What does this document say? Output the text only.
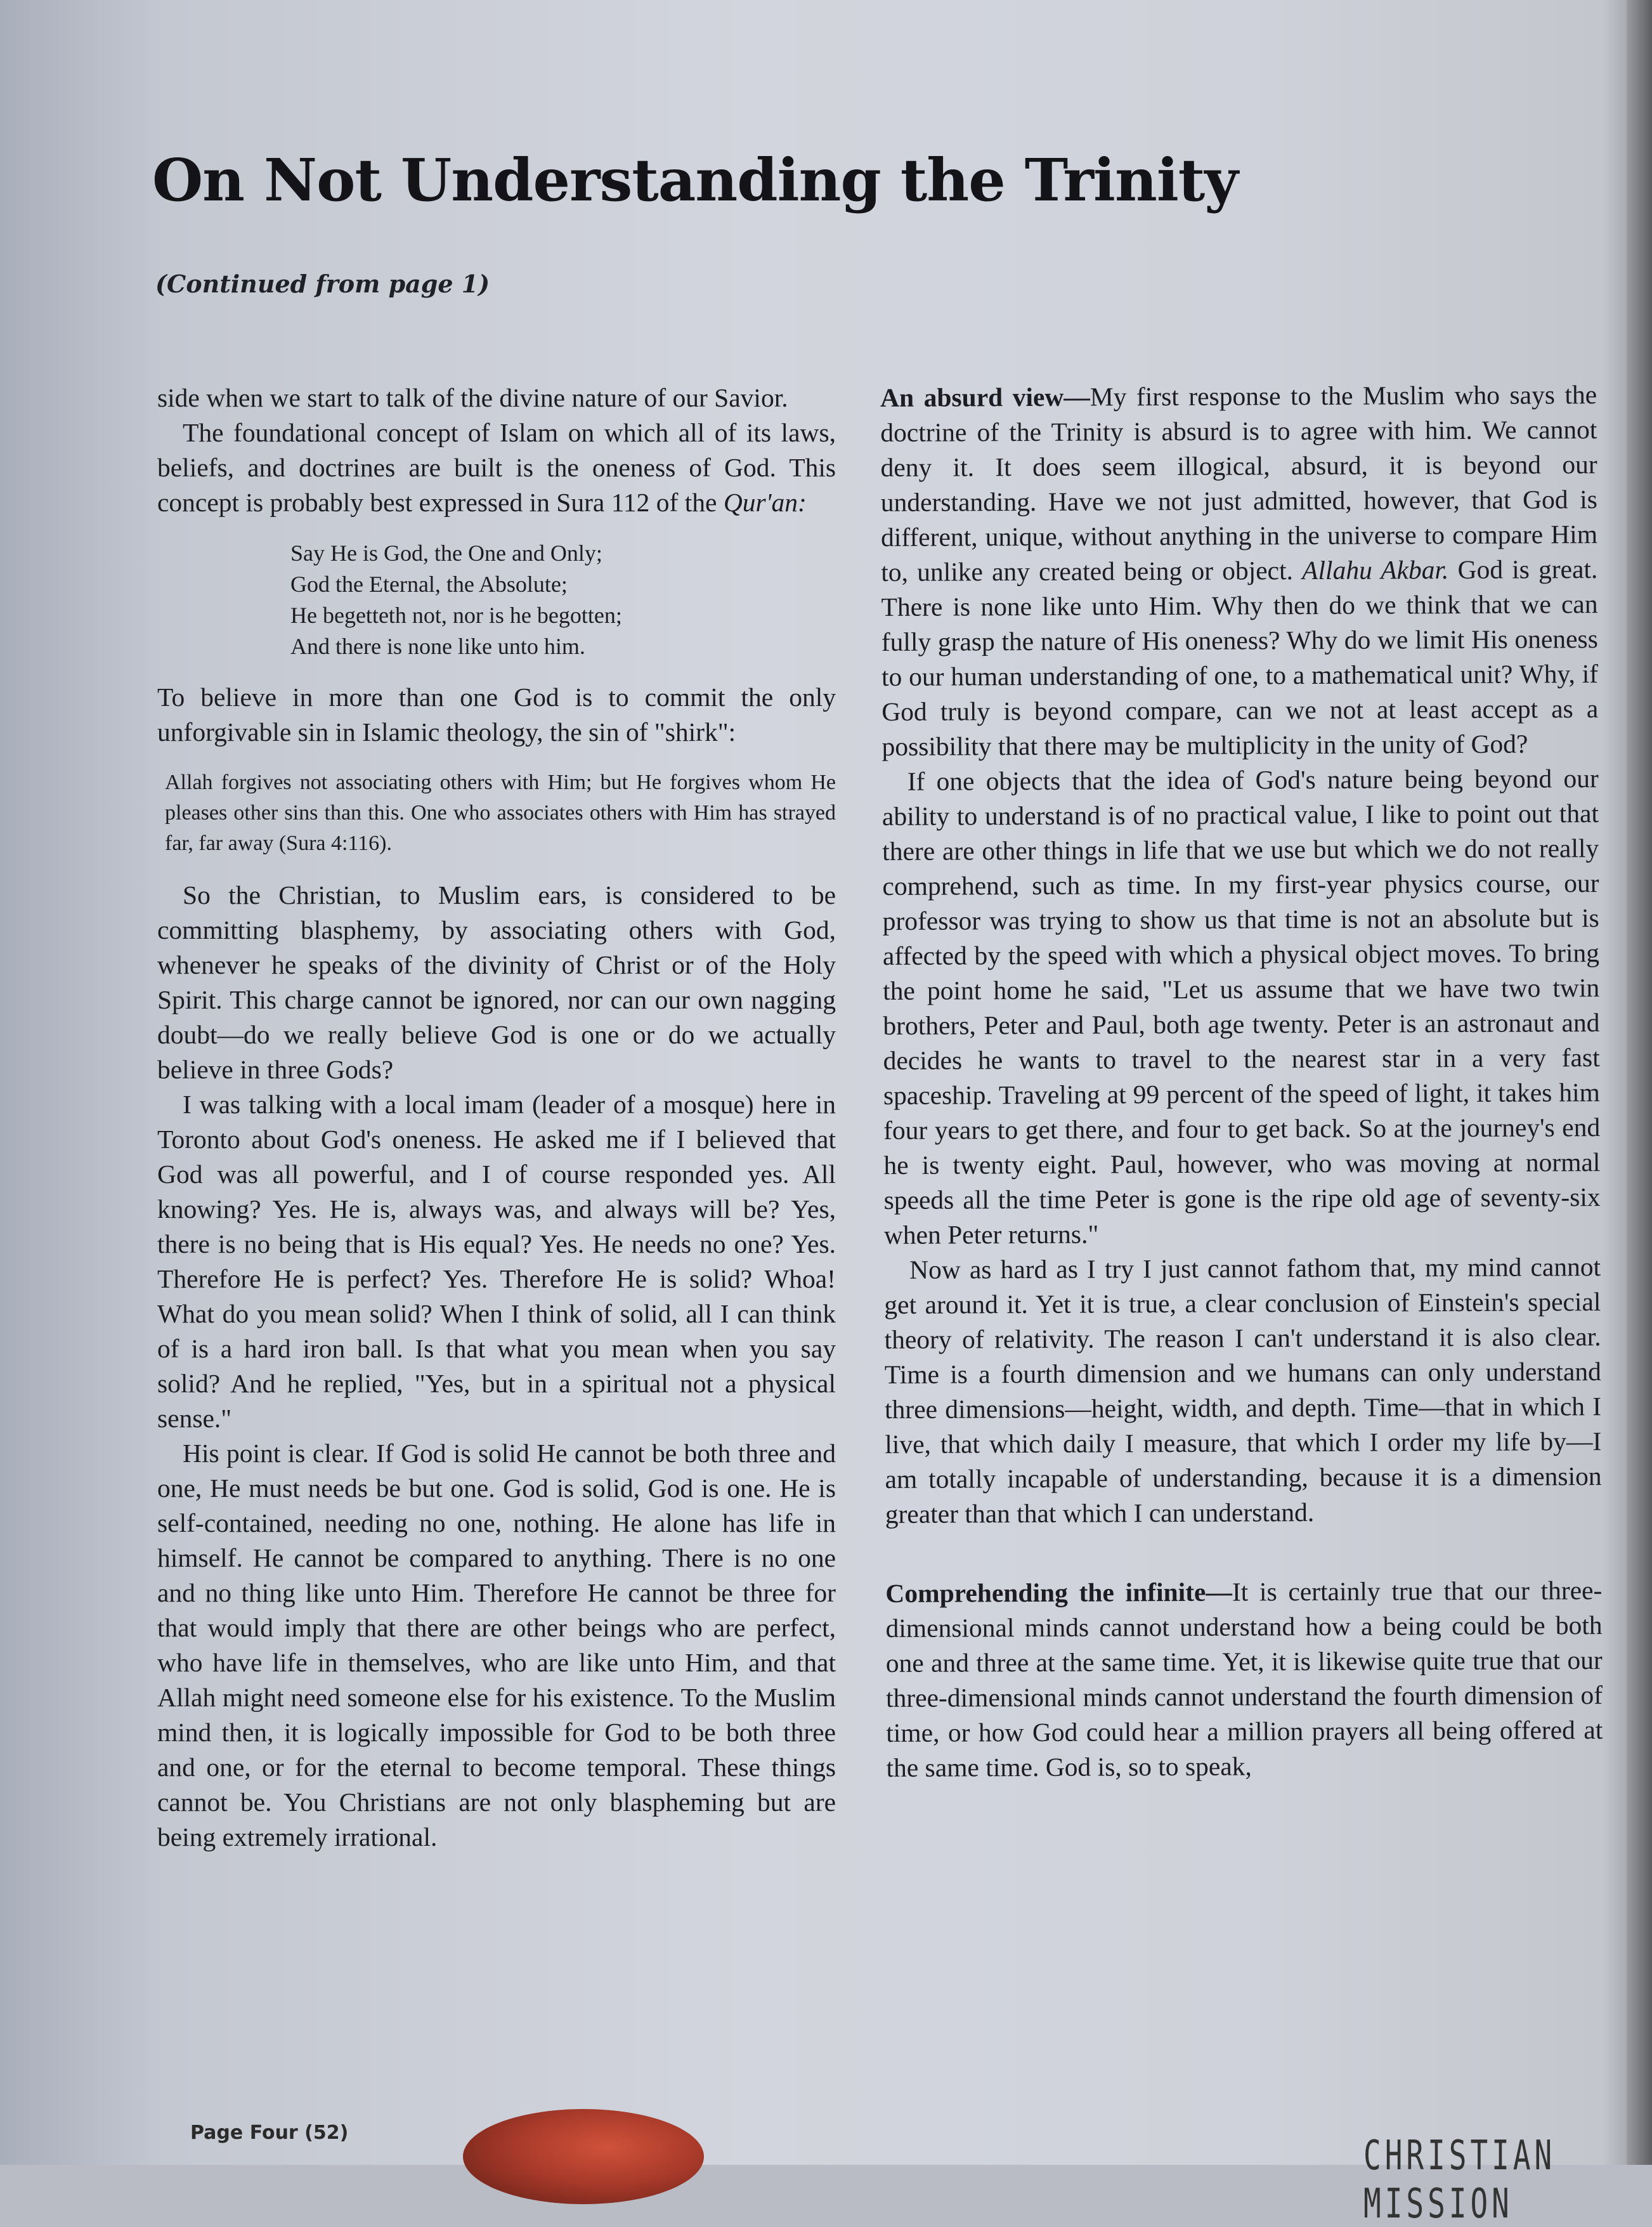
On Not Understanding the Trinity

(Continued from page 1)

side when we start to talk of the divine nature of our Savior.

The foundational concept of Islam on which all of its laws, beliefs, and doctrines are built is the oneness of God. This concept is probably best expressed in Sura 112 of the Qur'an:

Say He is God, the One and Only;
God the Eternal, the Absolute;
He begetteth not, nor is he begotten;
And there is none like unto him.

To believe in more than one God is to commit the only unforgivable sin in Islamic theology, the sin of "shirk":

Allah forgives not associating others with Him; but He forgives whom He pleases other sins than this. One who associates others with Him has strayed far, far away (Sura 4:116).

So the Christian, to Muslim ears, is considered to be committing blasphemy, by associating others with God, whenever he speaks of the divinity of Christ or of the Holy Spirit. This charge cannot be ignored, nor can our own nagging doubt—do we really believe God is one or do we actually believe in three Gods?

I was talking with a local imam (leader of a mosque) here in Toronto about God's oneness. He asked me if I believed that God was all powerful, and I of course responded yes. All knowing? Yes. He is, always was, and always will be? Yes, there is no being that is His equal? Yes. He needs no one? Yes. Therefore He is perfect? Yes. Therefore He is solid? Whoa! What do you mean solid? When I think of solid, all I can think of is a hard iron ball. Is that what you mean when you say solid? And he replied, "Yes, but in a spiritual not a physical sense."

His point is clear. If God is solid He cannot be both three and one, He must needs be but one. God is solid, God is one. He is self-contained, needing no one, nothing. He alone has life in himself. He cannot be compared to anything. There is no one and no thing like unto Him. Therefore He cannot be three for that would imply that there are other beings who are perfect, who have life in themselves, who are like unto Him, and that Allah might need someone else for his existence. To the Muslim mind then, it is logically impossible for God to be both three and one, or for the eternal to become temporal. These things cannot be. You Christians are not only blaspheming but are being extremely irrational.

An absurd view—My first response to the Muslim who says the doctrine of the Trinity is absurd is to agree with him. We cannot deny it. It does seem illogical, absurd, it is beyond our understanding. Have we not just admitted, however, that God is different, unique, without anything in the universe to compare Him to, unlike any created being or object. Allahu Akbar. God is great. There is none like unto Him. Why then do we think that we can fully grasp the nature of His oneness? Why do we limit His oneness to our human understanding of one, to a mathematical unit? Why, if God truly is beyond compare, can we not at least accept as a possibility that there may be multiplicity in the unity of God?

If one objects that the idea of God's nature being beyond our ability to understand is of no practical value, I like to point out that there are other things in life that we use but which we do not really comprehend, such as time. In my first-year physics course, our professor was trying to show us that time is not an absolute but is affected by the speed with which a physical object moves. To bring the point home he said, "Let us assume that we have two twin brothers, Peter and Paul, both age twenty. Peter is an astronaut and decides he wants to travel to the nearest star in a very fast spaceship. Traveling at 99 percent of the speed of light, it takes him four years to get there, and four to get back. So at the journey's end he is twenty eight. Paul, however, who was moving at normal speeds all the time Peter is gone is the ripe old age of seventy-six when Peter returns."

Now as hard as I try I just cannot fathom that, my mind cannot get around it. Yet it is true, a clear conclusion of Einstein's special theory of relativity. The reason I can't understand it is also clear. Time is a fourth dimension and we humans can only understand three dimensions—height, width, and depth. Time—that in which I live, that which daily I measure, that which I order my life by—I am totally incapable of understanding, because it is a dimension greater than that which I can understand.

Comprehending the infinite—It is certainly true that our three-dimensional minds cannot understand how a being could be both one and three at the same time. Yet, it is likewise quite true that our three-dimensional minds cannot understand the fourth dimension of time, or how God could hear a million prayers all being offered at the same time. God is, so to speak,

Page Four (52)	CHRISTIAN MISSION
